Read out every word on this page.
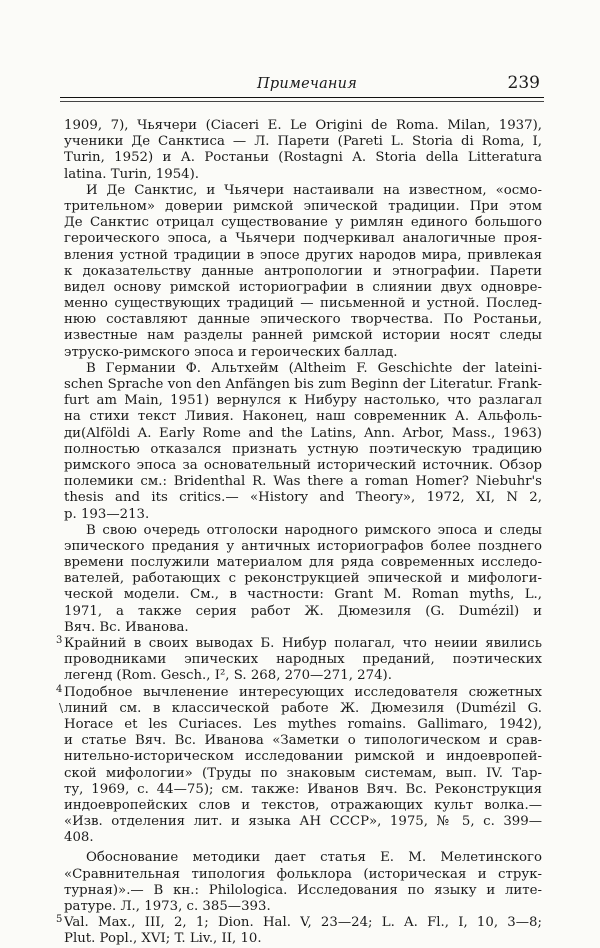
Примечания	239
\
1909, 7), Чьячери (Ciaceri E. Le Origini de Roma. Milan, 1937),
ученики Де Санктиса — Л. Парети (Pareti L. Storia di Roma, I,
Turin, 1952) и А. Ростаньи (Rostagni A. Storia della Litteratura
latina. Turin, 1954).
И Де Санктис, и Чьячери настаивали на известном, «осмо-
трительном» доверии римской эпической традиции. При этом
Де Санктис отрицал существование у римлян единого большого
героического эпоса, а Чьячери подчеркивал аналогичные проя-
вления устной традиции в эпосе других народов мира, привлекая
к доказательству данные антропологии и этнографии. Парети
видел основу римской историографии в слиянии двух одновре-
менно существующих традиций — письменной и устной. Послед-
нюю составляют данные эпического творчества. По Ростаньи,
известные нам разделы ранней римской истории носят следы
этруско-римского эпоса и героических баллад.
В Германии Ф. Альтхейм (Altheim F. Geschichte der lateini-
schen Sprache von den Anfängen bis zum Beginn der Literatur. Frank-
furt am Main, 1951) вернулся к Нибуру настолько, что разлагал
на стихи текст Ливия. Наконец, наш современник А. Альфоль-
ди(Alföldi A. Early Rome and the Latins, Ann. Arbor, Mass., 1963)
полностью отказался признать устную поэтическую традицию
римского эпоса за основательный исторический источник. Обзор
полемики см.: Bridenthal R. Was there a roman Homer? Niebuhr's
thesis and its critics.— «History and Theory», 1972, XI, N 2,
p. 193—213.
В свою очередь отголоски народного римского эпоса и следы
эпического предания у античных историографов более позднего
времени послужили материалом для ряда современных исследо-
вателей, работающих с реконструкцией эпической и мифологи-
ческой модели. См., в частности: Grant M. Roman myths, L.,
1971, а также серия работ Ж. Дюмезиля (G. Dumézil) и
Вяч. Вс. Иванова.
3 Крайний в своих выводах Б. Нибур полагал, что неиии явились
проводниками эпических народных преданий, поэтических
легенд (Rom. Gesch., I², S. 268, 270—271, 274).
4 Подобное вычленение интересующих исследователя сюжетных
линий см. в классической работе Ж. Дюмезиля (Dumézil G.
Horace et les Curiaces. Les mythes romains. Gallimaro, 1942),
и статье Вяч. Вс. Иванова «Заметки о типологическом и срав-
нительно-историческом исследовании римской и индоевропей-
ской мифологии» (Труды по знаковым системам, вып. IV. Тар-
ту, 1969, с. 44—75); см. также: Иванов Вяч. Вс. Реконструкция
индоевропейских слов и текстов, отражающих культ волка.—
«Изв. отделения лит. и языка АН СССР», 1975, № 5, с. 399—
408.
Обоснование методики дает статья Е. М. Мелетинского
«Сравнительная типология фольклора (историческая и струк-
турная)».— В кн.: Philologica. Исследования по языку и лите-
ратуре. Л., 1973, с. 385—393.
5 Val. Max., III, 2, 1; Dion. Hal. V, 23—24; L. A. Fl., I, 10, 3—8;
Plut. Popl., XVI; T. Liv., II, 10.
